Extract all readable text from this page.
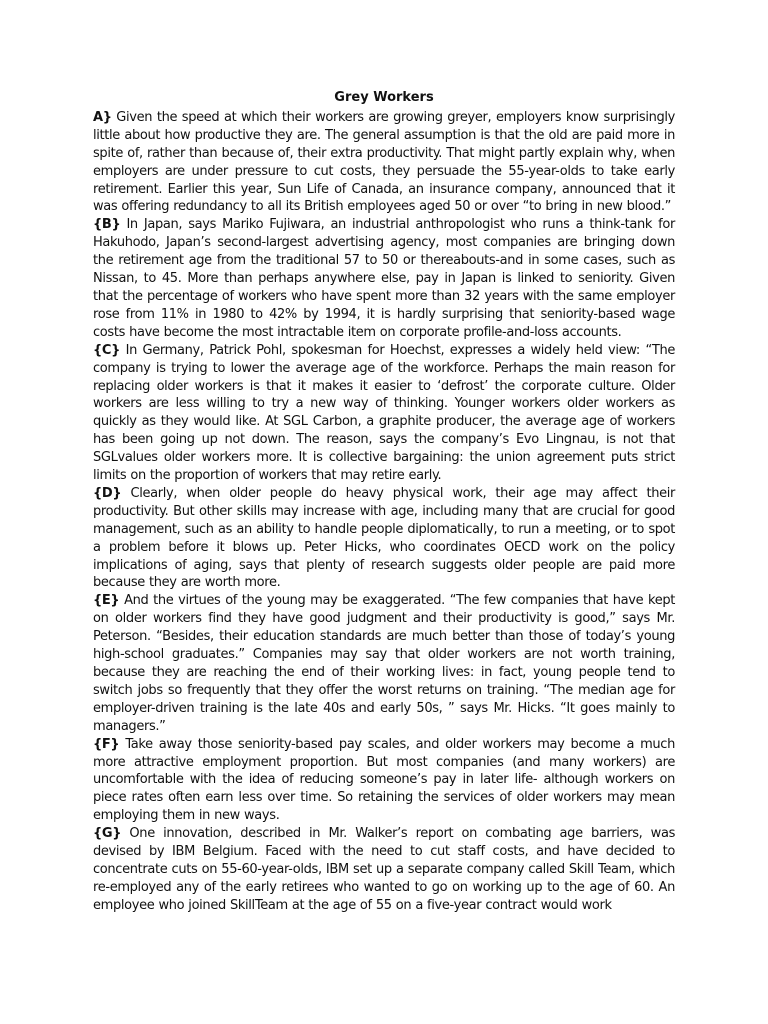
Grey Workers

A} Given the speed at which their workers are growing greyer, employers know surprisingly little about how productive they are. The general assumption is that the old are paid more in spite of, rather than because of, their extra productivity. That might partly explain why, when employers are under pressure to cut costs, they persuade the 55-year-olds to take early retirement. Earlier this year, Sun Life of Canada, an insurance company, announced that it was offering redundancy to all its British employees aged 50 or over “to bring in new blood.”

{B} In Japan, says Mariko Fujiwara, an industrial anthropologist who runs a think-tank for Hakuhodo, Japan’s second-largest advertising agency, most companies are bringing down the retirement age from the traditional 57 to 50 or thereabouts-and in some cases, such as Nissan, to 45. More than perhaps anywhere else, pay in Japan is linked to seniority. Given that the percentage of workers who have spent more than 32 years with the same employer rose from 11% in 1980 to 42% by 1994, it is hardly surprising that seniority-based wage costs have become the most intractable item on corporate profile-and-loss accounts.

{C} In Germany, Patrick Pohl, spokesman for Hoechst, expresses a widely held view: “The company is trying to lower the average age of the workforce. Perhaps the main reason for replacing older workers is that it makes it easier to ‘defrost’ the corporate culture. Older workers are less willing to try a new way of thinking. Younger workers older workers as quickly as they would like. At SGL Carbon, a graphite producer, the average age of workers has been going up not down. The reason, says the company’s Evo Lingnau, is not that SGLvalues older workers more. It is collective bargaining: the union agreement puts strict limits on the proportion of workers that may retire early.

{D} Clearly, when older people do heavy physical work, their age may affect their productivity. But other skills may increase with age, including many that are crucial for good management, such as an ability to handle people diplomatically, to run a meeting, or to spot a problem before it blows up. Peter Hicks, who coordinates OECD work on the policy implications of aging, says that plenty of research suggests older people are paid more because they are worth more.

{E} And the virtues of the young may be exaggerated. “The few companies that have kept on older workers find they have good judgment and their productivity is good,” says Mr. Peterson. “Besides, their education standards are much better than those of today’s young high-school graduates.” Companies may say that older workers are not worth training, because they are reaching the end of their working lives: in fact, young people tend to switch jobs so frequently that they offer the worst returns on training. “The median age for employer-driven training is the late 40s and early 50s, ” says Mr. Hicks. “It goes mainly to managers.”

{F} Take away those seniority-based pay scales, and older workers may become a much more attractive employment proportion. But most companies (and many workers) are uncomfortable with the idea of reducing someone’s pay in later life- although workers on piece rates often earn less over time. So retaining the services of older workers may mean employing them in new ways.

{G} One innovation, described in Mr. Walker’s report on combating age barriers, was devised by IBM Belgium. Faced with the need to cut staff costs, and have decided to concentrate cuts on 55-60-year-olds, IBM set up a separate company called Skill Team, which re-employed any of the early retirees who wanted to go on working up to the age of 60. An employee who joined SkillTeam at the age of 55 on a five-year contract would work
